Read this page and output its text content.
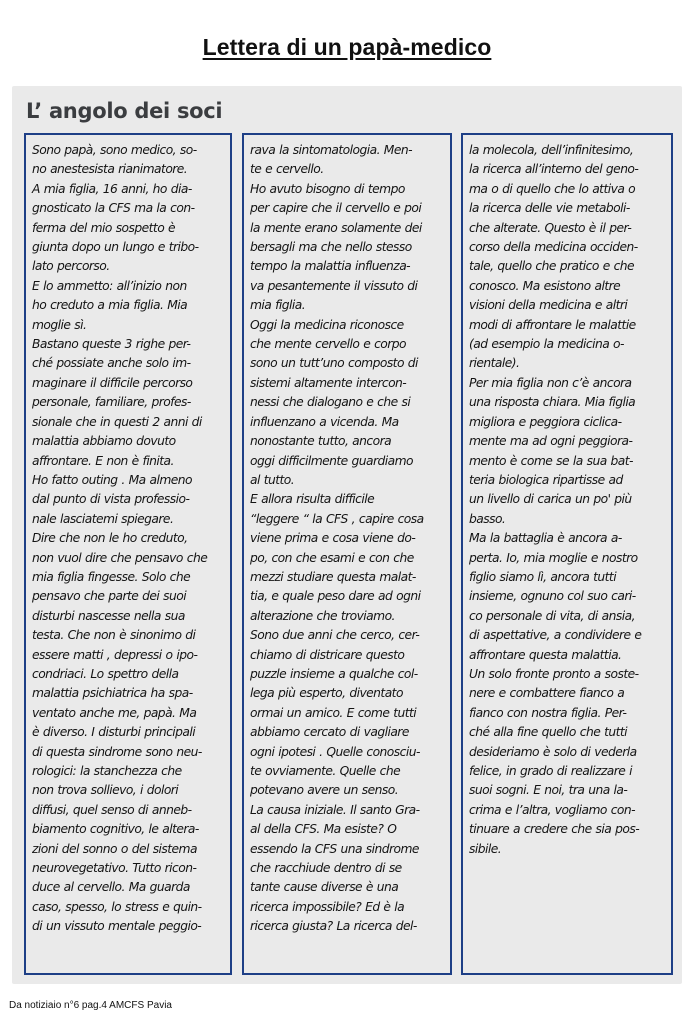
Lettera di un papà-medico
L’ angolo dei soci
Sono papà, sono medico, so-
no anestesista rianimatore.
A mia figlia, 16 anni, ho dia-
gnosticato la CFS ma la con-
ferma del mio sospetto è
giunta dopo un lungo e tribo-
lato percorso.
E lo ammetto: all’inizio non
ho creduto a mia figlia. Mia
moglie sì.
Bastano queste 3 righe per-
ché possiate anche solo im-
maginare il difficile percorso
personale, familiare, profes-
sionale che in questi 2 anni di
malattia abbiamo dovuto
affrontare. E non è finita.
Ho fatto outing . Ma almeno
dal punto di vista professio-
nale lasciatemi spiegare.
Dire che non le ho creduto,
non vuol dire che pensavo che
mia figlia fingesse. Solo che
pensavo che parte dei suoi
disturbi nascesse nella sua
testa. Che non è sinonimo di
essere matti , depressi o ipo-
condriaci. Lo spettro della
malattia psichiatrica ha spa-
ventato anche me, papà. Ma
è diverso. I disturbi principali
di questa sindrome sono neu-
rologici: la stanchezza che
non trova sollievo, i dolori
diffusi, quel senso di anneb-
biamento cognitivo, le altera-
zioni del sonno o del sistema
neurovegetativo. Tutto ricon-
duce al cervello. Ma guarda
caso, spesso, lo stress e quin-
di un vissuto mentale peggio-
rava la sintomatologia. Men-
te e cervello.
Ho avuto bisogno di tempo
per capire che il cervello e poi
la mente erano solamente dei
bersagli ma che nello stesso
tempo la malattia influenza-
va pesantemente il vissuto di
mia figlia.
Oggi la medicina riconosce
che mente cervello e corpo
sono un tutt’uno composto di
sistemi altamente intercon-
nessi che dialogano e che si
influenzano a vicenda. Ma
nonostante tutto, ancora
oggi difficilmente guardiamo
al tutto.
E allora risulta difficile
“leggere “ la CFS , capire cosa
viene prima e cosa viene do-
po, con che esami e con che
mezzi studiare questa malat-
tia, e quale peso dare ad ogni
alterazione che troviamo.
Sono due anni che cerco, cer-
chiamo di districare questo
puzzle insieme a qualche col-
lega più esperto, diventato
ormai un amico. E come tutti
abbiamo cercato di vagliare
ogni ipotesi . Quelle conosciu-
te ovviamente. Quelle che
potevano avere un senso.
La causa iniziale. Il santo Gra-
al della CFS. Ma esiste? O
essendo la CFS una sindrome
che racchiude dentro di se
tante cause diverse è una
ricerca impossibile? Ed è la
ricerca giusta? La ricerca del-
la molecola, dell’infinitesimo,
la ricerca all’interno del geno-
ma o di quello che lo attiva o
la ricerca delle vie metaboli-
che alterate. Questo è il per-
corso della medicina occiden-
tale, quello che pratico e che
conosco. Ma esistono altre
visioni della medicina e altri
modi di affrontare le malattie
(ad esempio la medicina o-
rientale).
Per mia figlia non c’è ancora
una risposta chiara. Mia figlia
migliora e peggiora ciclica-
mente ma ad ogni peggiora-
mento è come se la sua bat-
teria biologica ripartisse ad
un livello di carica un po' più
basso.
Ma la battaglia è ancora a-
perta. Io, mia moglie e nostro
figlio siamo lì, ancora tutti
insieme, ognuno col suo cari-
co personale di vita, di ansia,
di aspettative, a condividere e
affrontare questa malattia.
Un solo fronte pronto a soste-
nere e combattere fianco a
fianco con nostra figlia. Per-
ché alla fine quello che tutti
desideriamo è solo di vederla
felice, in grado di realizzare i
suoi sogni. E noi, tra una la-
crima e l’altra, vogliamo con-
tinuare a credere che sia pos-
sibile.
Da notiziaio n°6 pag.4 AMCFS Pavia
